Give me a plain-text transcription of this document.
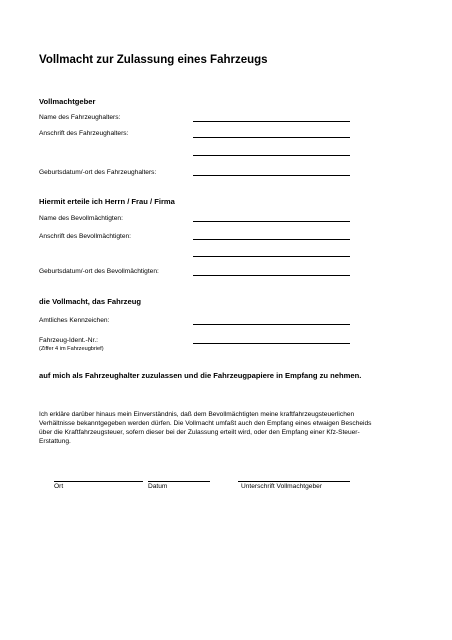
Vollmacht zur Zulassung eines Fahrzeugs
Vollmachtgeber
Name des Fahrzeughalters:
Anschrift des Fahrzeughalters:
Geburtsdatum/-ort des Fahrzeughalters:
Hiermit erteile ich Herrn / Frau / Firma
Name des Bevollmächtigten:
Anschrift des Bevollmächtigten:
Geburtsdatum/-ort des Bevollmächtigten:
die Vollmacht, das Fahrzeug
Amtliches Kennzeichen:
Fahrzeug-Ident.-Nr.:
(Ziffer 4 im Fahrzeugbrief)
auf mich als Fahrzeughalter zuzulassen und die Fahrzeugpapiere in Empfang zu nehmen.
Ich erkläre darüber hinaus mein Einverständnis, daß dem Bevollmächtigten meine kraftfahrzeugsteuerlichen Verhältnisse bekanntgegeben werden dürfen. Die Vollmacht umfaßt auch den Empfang eines etwaigen Bescheids über die Kraftfahrzeugsteuer, sofern dieser bei der Zulassung erteilt wird, oder den Empfang einer Kfz-Steuer-Erstattung.
Ort	Datum	Unterschrift Vollmachtgeber
